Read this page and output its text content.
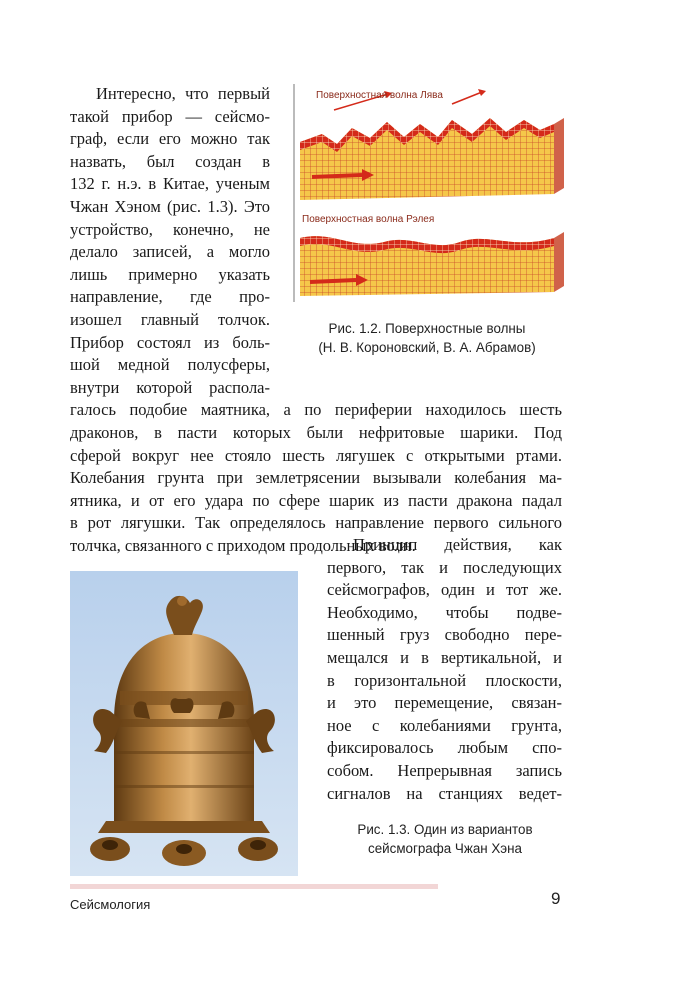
Интересно, что первый
такой прибор — сейсмо-
граф, если его можно так
назвать, был создан в
132 г. н.э. в Китае, ученым
Чжан Хэном (рис. 1.3). Это
устройство, конечно, не
делало записей, а могло
лишь примерно указать
направление, где про-
изошел главный толчок.
Прибор состоял из боль-
шой медной полусферы,
внутри которой распола-
галось подобие маятника, а по периферии находилось шесть
драконов, в пасти которых были нефритовые шарики. Под
сферой вокруг нее стояло шесть лягушек с открытыми ртами.
Колебания грунта при землетрясении вызывали колебания ма-
ятника, и от его удара по сфере шарик из пасти дракона падал
в рот лягушки. Так определялось направление первого сильного
толчка, связанного с приходом продольных волн.
Принцип действия, как
первого, так и последующих
сейсмографов, один и тот же.
Необходимо, чтобы подве-
шенный груз свободно пере-
мещался и в вертикальной, и
в горизонтальной плоскости,
и это перемещение, связан-
ное с колебаниями грунта,
фиксировалось любым спо-
собом. Непрерывная запись
сигналов на станциях ведет-
Поверхностная волна Лява
Поверхностная волна Рэлея
Рис. 1.2. Поверхностные волны
(Н. В. Короновский, В. А. Абрамов)
Рис. 1.3. Один из вариантов
сейсмографа Чжан Хэна
Сейсмология	9
